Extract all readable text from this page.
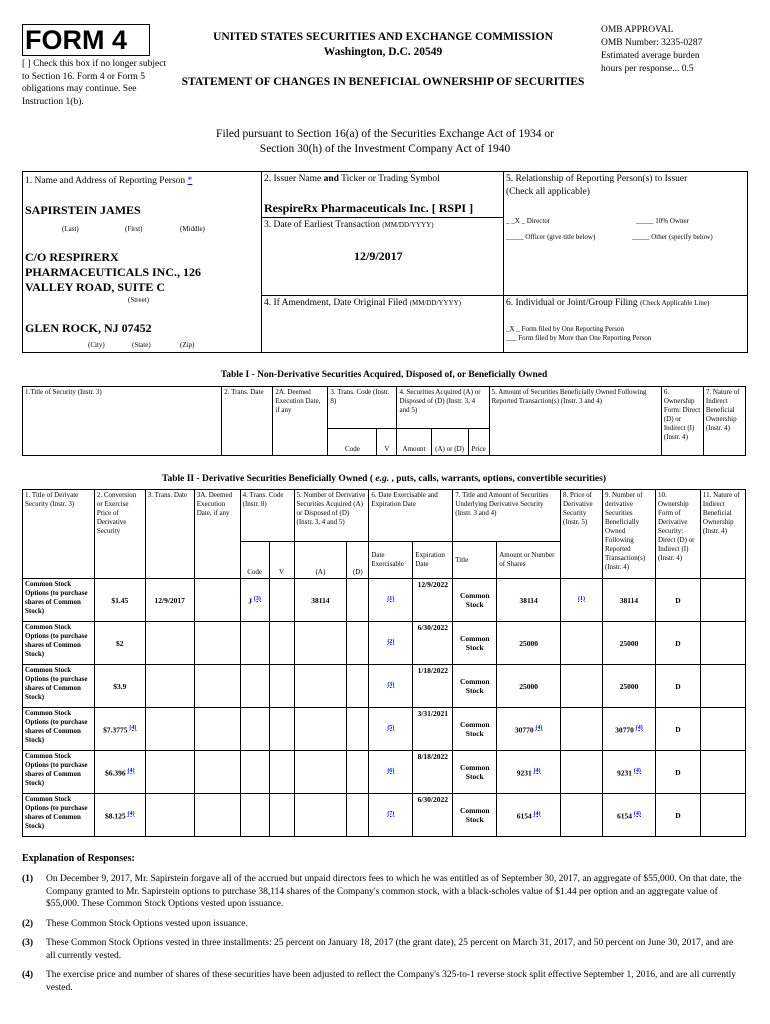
FORM 4
[ ] Check this box if no longer subject to Section 16. Form 4 or Form 5 obligations may continue. See Instruction 1(b).
UNITED STATES SECURITIES AND EXCHANGE COMMISSION
Washington, D.C. 20549
STATEMENT OF CHANGES IN BENEFICIAL OWNERSHIP OF SECURITIES
OMB APPROVAL
OMB Number: 3235-0287
Estimated average burden
hours per response... 0.5
Filed pursuant to Section 16(a) of the Securities Exchange Act of 1934 or
Section 30(h) of the Investment Company Act of 1940
1. Name and Address of Reporting Person *
SAPIRSTEIN JAMES
(Last)	(First)	(Middle)
C/O RESPIRERX
PHARMACEUTICALS INC., 126
VALLEY ROAD, SUITE C
(Street)
GLEN ROCK, NJ 07452
(City)	(State)	(Zip)
2. Issuer Name and Ticker or Trading Symbol
RespireRx Pharmaceuticals Inc. [ RSPI ]
3. Date of Earliest Transaction (MM/DD/YYYY)
12/9/2017
4. If Amendment, Date Original Filed (MM/DD/YYYY)
5. Relationship of Reporting Person(s) to Issuer
(Check all applicable)
_ _X _ Director	_____ 10% Owner
_____ Officer (give title below)	_____ Other (specify below)
6. Individual or Joint/Group Filing (Check Applicable Line)
_X _ Form filed by One Reporting Person
___ Form filed by More than One Reporting Person
Table I - Non-Derivative Securities Acquired, Disposed of, or Beneficially Owned
1.Title of Security (Instr. 3)	2. Trans. Date	2A. Deemed Execution Date, if any	3. Trans. Code (Instr. 8)		4. Securities Acquired (A) or Disposed of (D) (Instr. 3, 4 and 5)			5. Amount of Securities Beneficially Owned Following Reported Transaction(s) (Instr. 3 and 4)	6. Ownership Form: Direct (D) or Indirect (I) (Instr. 4)	7. Nature of Indirect Beneficial Ownership (Instr. 4)
			Code	V	Amount	(A) or (D)	Price			
Table II - Derivative Securities Beneficially Owned ( e.g. , puts, calls, warrants, options, convertible securities)
1. Title of Derivate Security (Instr. 3)	2. Conversion or Exercise Price of Derivative Security	3. Trans. Date	3A. Deemed Execution Date, if any	4. Trans. Code (Instr. 8)		5. Number of Derivative Securities Acquired (A) or Disposed of (D) (Instr. 3, 4 and 5)		6. Date Exercisable and Expiration Date		7. Title and Amount of Securities Underlying Derivative Security (Instr. 3 and 4)		8. Price of Derivative Security (Instr. 5)	9. Number of derivative Securities Beneficially Owned Following Reported Transaction(s) (Instr. 4)	10. Ownership Form of Derivative Security: Direct (D) or Indirect (I) (Instr. 4)	11. Nature of Indirect Beneficial Ownership (Instr. 4)
				Code	V	(A)	(D)	Date Exercisable	Expiration Date	Title	Amount or Number of Shares				
Common Stock Options (to purchase shares of Common Stock)	$1.45	12/9/2017		J $^{(3)}$		38114		$^{(1)}$	12/9/2022	Common Stock	38114	$^{(1)}$	38114	D	
Common Stock Options (to purchase shares of Common Stock)	$2							$^{(2)}$	6/30/2022	Common Stock	25000		25000	D	
Common Stock Options (to purchase shares of Common Stock)	$3.9							$^{(3)}$	1/18/2022	Common Stock	25000		25000	D	
Common Stock Options (to purchase shares of Common Stock)	$7.3775 $^{(4)}$							$^{(5)}$	3/31/2021	Common Stock	30770 $^{(4)}$		30770 $^{(4)}$	D	
Common Stock Options (to purchase shares of Common Stock)	$6.396 $^{(4)}$							$^{(6)}$	8/18/2022	Common Stock	9231 $^{(4)}$		9231 $^{(4)}$	D	
Common Stock Options (to purchase shares of Common Stock)	$8.125 $^{(4)}$							$^{(7)}$	6/30/2022	Common Stock	6154 $^{(4)}$		6154 $^{(4)}$	D	
Explanation of Responses:
(1)	On December 9, 2017, Mr. Sapirstein forgave all of the accrued but unpaid directors fees to which he was entitled as of September 30, 2017, an aggregate of $55,000. On that date, the Company granted to Mr. Sapirstein options to purchase 38,114 shares of the Company's common stock, with a black-scholes value of $1.44 per option and an aggregate value of $55,000. These Common Stock Options vested upon issuance.
(2)	These Common Stock Options vested upon issuance.
(3)	These Common Stock Options vested in three installments: 25 percent on January 18, 2017 (the grant date), 25 percent on March 31, 2017, and 50 percent on June 30, 2017, and are all currently vested.
(4)	The exercise price and number of shares of these securities have been adjusted to reflect the Company's 325-to-1 reverse stock split effective September 1, 2016, and are all currently vested.
